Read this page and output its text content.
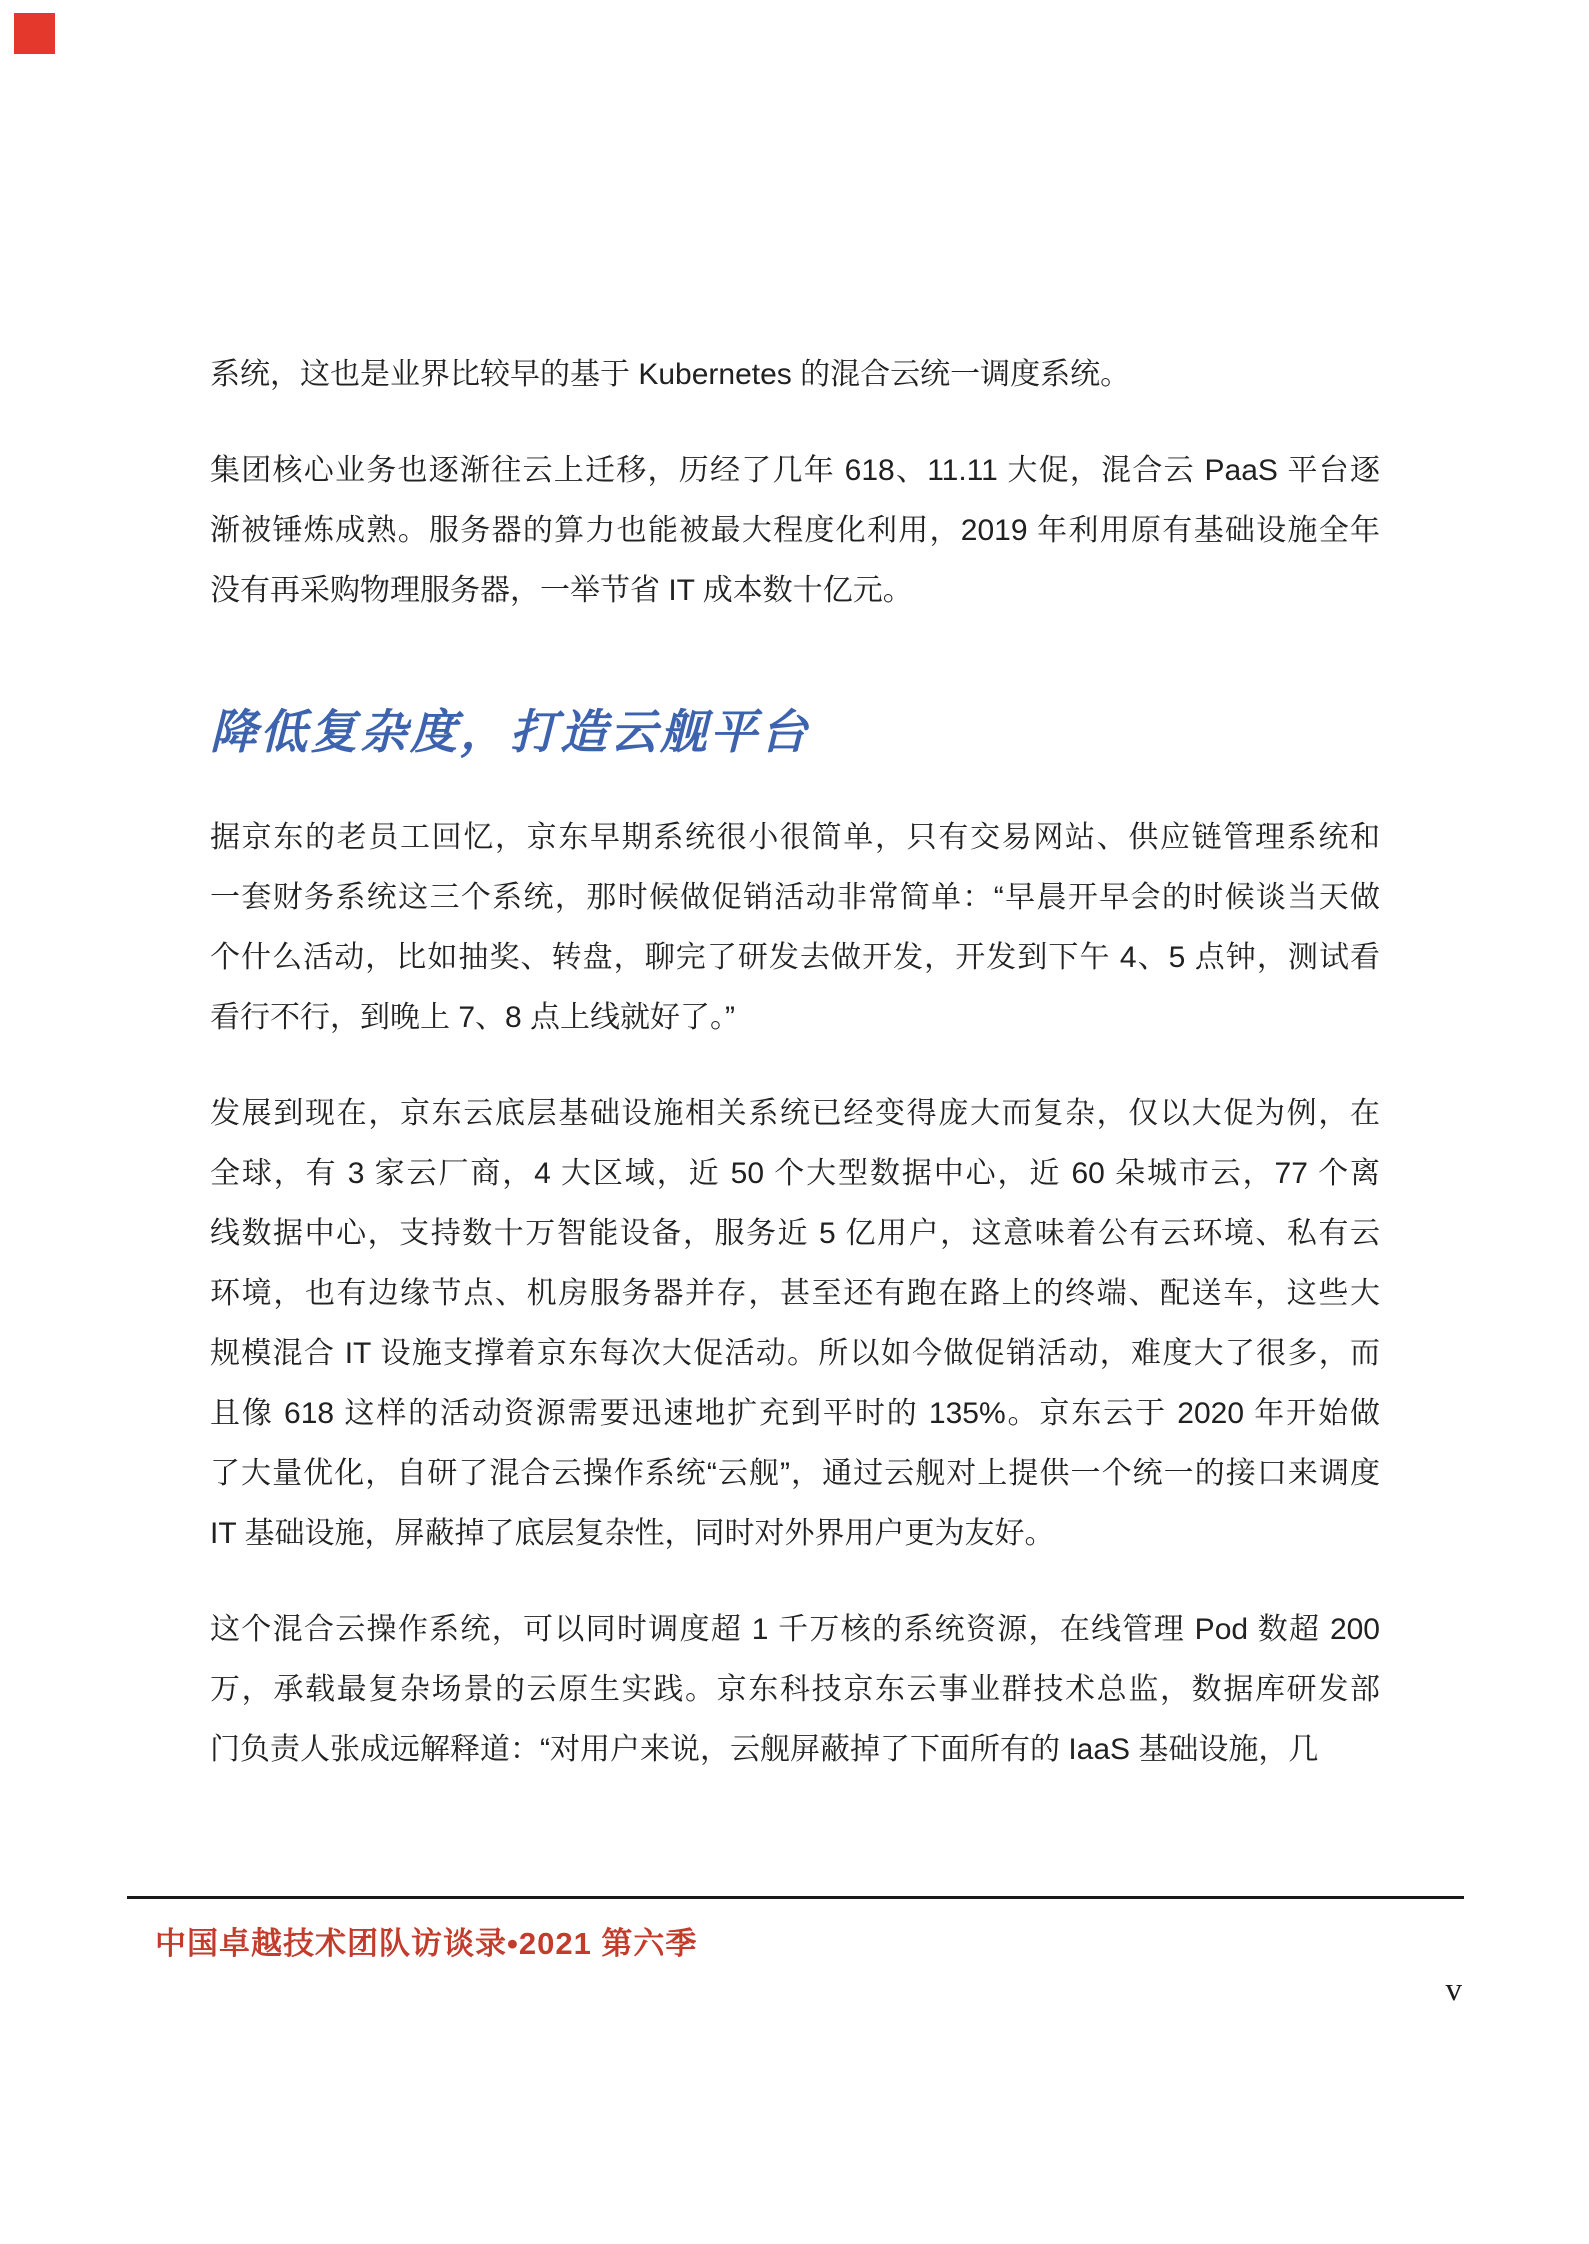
系统，这也是业界比较早的基于 Kubernetes 的混合云统一调度系统。
集团核心业务也逐渐往云上迁移，历经了几年 618、11.11 大促，混合云 PaaS 平台逐
渐被锤炼成熟。服务器的算力也能被最大程度化利用，2019 年利用原有基础设施全年
没有再采购物理服务器，一举节省 IT 成本数十亿元。
降低复杂度，打造云舰平台
据京东的老员工回忆，京东早期系统很小很简单，只有交易网站、供应链管理系统和
一套财务系统这三个系统，那时候做促销活动非常简单：“早晨开早会的时候谈当天做
个什么活动，比如抽奖、转盘，聊完了研发去做开发，开发到下午 4、5 点钟，测试看
看行不行，到晚上 7、8 点上线就好了。”
发展到现在，京东云底层基础设施相关系统已经变得庞大而复杂，仅以大促为例，在
全球，有 3 家云厂商，4 大区域，近 50 个大型数据中心，近 60 朵城市云，77 个离
线数据中心，支持数十万智能设备，服务近 5 亿用户，这意味着公有云环境、私有云
环境，也有边缘节点、机房服务器并存，甚至还有跑在路上的终端、配送车，这些大
规模混合 IT 设施支撑着京东每次大促活动。所以如今做促销活动，难度大了很多，而
且像 618 这样的活动资源需要迅速地扩充到平时的 135%。京东云于 2020 年开始做
了大量优化，自研了混合云操作系统“云舰”，通过云舰对上提供一个统一的接口来调度
IT 基础设施，屏蔽掉了底层复杂性，同时对外界用户更为友好。
这个混合云操作系统，可以同时调度超 1 千万核的系统资源，在线管理 Pod 数超 200
万，承载最复杂场景的云原生实践。京东科技京东云事业群技术总监，数据库研发部
门负责人张成远解释道：“对用户来说，云舰屏蔽掉了下面所有的 IaaS 基础设施，几
中国卓越技术团队访谈录•2021 第六季
v
